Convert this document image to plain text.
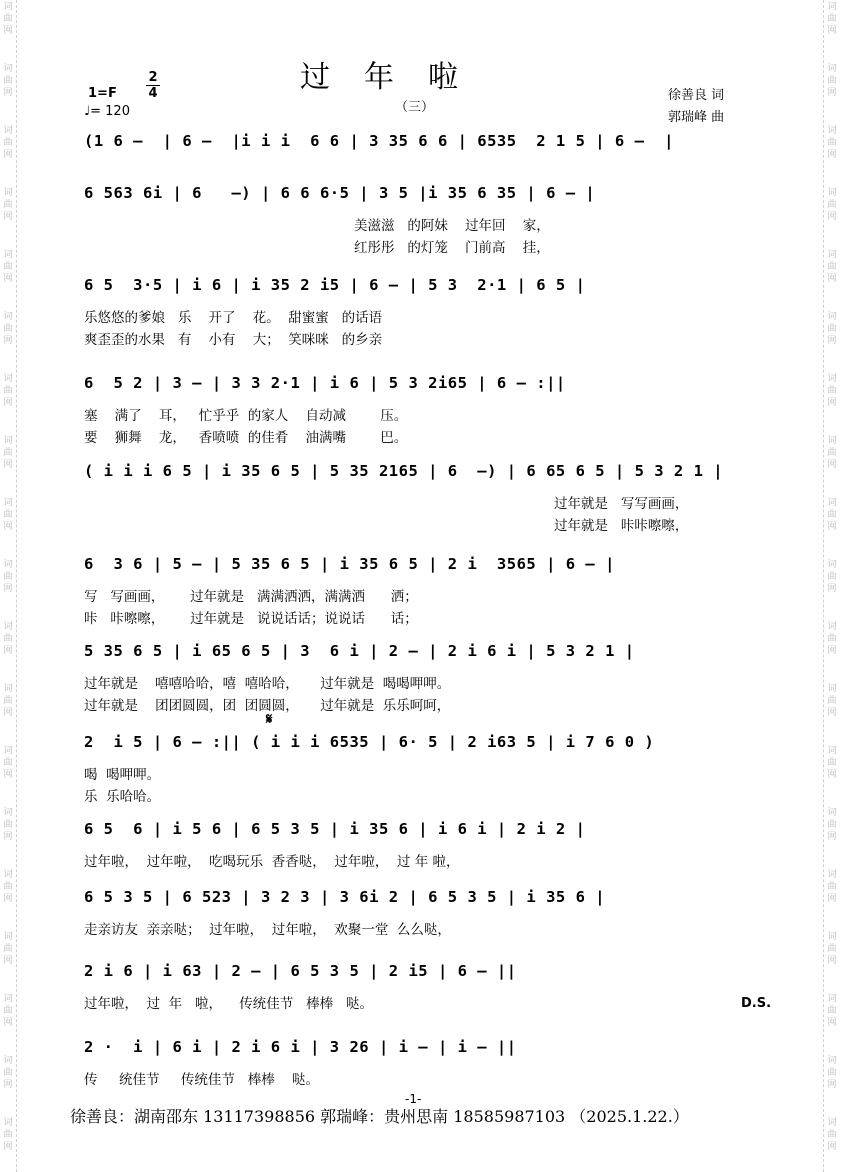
词
曲
网
词
曲
网
词
曲
网
词
曲
网
词
曲
网
词
曲
网
词
曲
网
词
曲
网
词
曲
网
词
曲
网
词
曲
网
词
曲
网
词
曲
网
词
曲
网
词
曲
网
词
曲
网
词
曲
网
词
曲
网
词
曲
网
词
曲
网
词
曲
网
词
曲
网
词
曲
网
词
曲
网
词
曲
网
词
曲
网
词
曲
网
词
曲
网
词
曲
网
词
曲
网
词
曲
网
词
曲
网
词
曲
网
词
曲
网
词
曲
网
词
曲
网
词
曲
网
词
曲
网
过年啦
（三）
1=F
♩= 120
2
4	徐善良 词
郭瑞峰 曲
(1 6 –  | 6 –  |i i i  6 6 | 3 35 6 6 | 6535  2 1 5 | 6 –  |
6 563 6i | 6   –) | 6 6 6·5 | 3 5 |i 35 6 35 | 6 – |
美滋滋   的阿妹    过年回    家，
红彤彤   的灯笼    门前高    挂，
6 5  3·5 | i 6 | i 35 2 i5 | 6 – | 5 3  2·1 | 6 5 |
乐悠悠的爹娘   乐    开了    花。  甜蜜蜜   的话语
爽歪歪的水果   有    小有    大；  笑咪咪   的乡亲
6  5 2 | 3 – | 3 3 2·1 | i 6 | 5 3 2i65 | 6 – :||
塞    满了    耳，   忙乎乎  的家人    自动减        压。
要    狮舞    龙，   香喷喷  的佳肴    油满嘴        巴。
( i i i 6 5 | i 35 6 5 | 5 35 2165 | 6  –) | 6 65 6 5 | 5 3 2 1 |
过年就是   写写画画，
过年就是   咔咔嚓嚓，
6  3 6 | 5 – | 5 35 6 5 | i 35 6 5 | 2 i  3565 | 6 – |
写   写画画，      过年就是   满满洒洒，满满洒      洒；
咔   咔嚓嚓，      过年就是   说说话话；说说话      话；
5 35 6 5 | i 65 6 5 | 3  6 i | 2 – | 2 i 6 i | 5 3 2 1 |
过年就是    嘻嘻哈哈，嘻  嘻哈哈，     过年就是  喝喝呷呷。
过年就是    团团圆圆，团  团圆圆，     过年就是  乐乐呵呵，
2  i 5 | 6 – :|| ( i i i 6535 | 6· 5 | 2 i63 5 | i 7 6 0 )
喝  喝呷呷。
乐  乐哈哈。
6 5  6 | i 5 6 | 6 5 3 5 | i 35 6 | i 6 i | 2 i 2 |
过年啦，  过年啦，  吃喝玩乐  香香哒，  过年啦，  过 年 啦，
6 5 3 5 | 6 523 | 3 2 3 | 3 6i 2 | 6 5 3 5 | i 35 6 |
走亲访友  亲亲哒；  过年啦，  过年啦，  欢聚一堂  么么哒，
2 i 6 | i 63 | 2 – | 6 5 3 5 | 2 i5 | 6 – ||
过年啦，  过  年   啦，    传统佳节   棒棒   哒。
2 ·  i | 6 i | 2 i 6 i | 3 26 | i – | i – ||
传     统佳节     传统佳节   棒棒    哒。
D.S.
𝄋
-1-
徐善良：湖南邵东 13117398856 郭瑞峰：贵州思南 18585987103 （2025.1.22.）
